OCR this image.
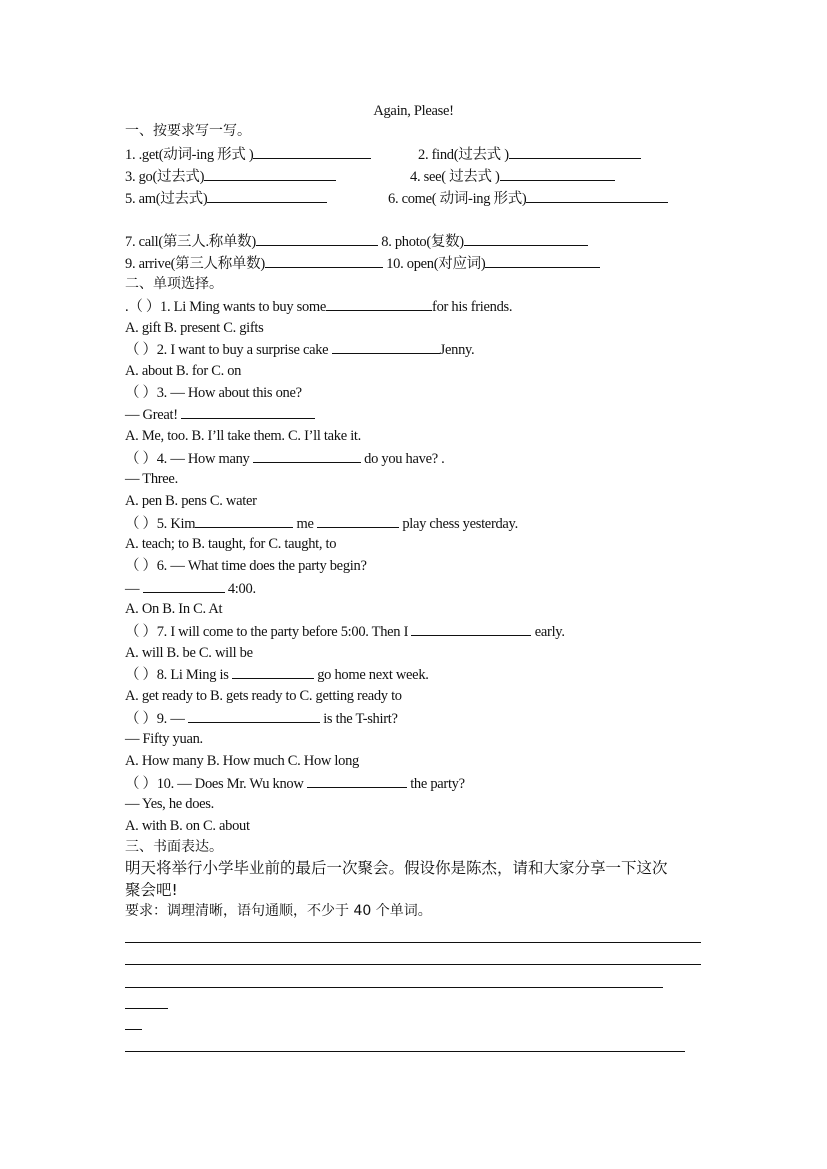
Again, Please!
一、按要求写一写。
1. .get(动词-ing 形式 )	2. find(过去式 )
3. go(过去式)	4. see( 过去式 )
5. am(过去式)	6. come( 动词-ing 形式)
7. call(第三人.称单数)	8. photo(复数)
9. arrive(第三人称单数)	10. open(对应词)
二、单项选择。
.（ ）1. Li Ming wants to buy some	for his friends.
A. gift B. present C. gifts
（ ）2. I want to buy a surprise cake	Jenny.
A. about B. for C. on
（ ）3. — How about this one?
— Great!
A. Me, too. B. I’ll take them. C. I’ll take it.
（ ）4. — How many	do you have? .
— Three.
A. pen B. pens C. water
（ ）5. Kim	me	play chess yesterday.
A. teach; to B. taught, for C. taught, to
（ ）6. — What time does the party begin?
—	4:00.
A. On B. In C. At
（ ）7. I will come to the party before 5:00. Then I	early.
A. will B. be C. will be
（ ）8. Li Ming is	go home next week.
A. get ready to B. gets ready to C. getting ready to
（ ）9. —	is the T-shirt?
— Fifty yuan.
A. How many B. How much C. How long
（ ）10. — Does Mr. Wu know	the party?
— Yes, he does.
A. with B. on C. about
三、书面表达。
明天将举行小学毕业前的最后一次聚会。假设你是陈杰，请和大家分享一下这次
聚会吧!
要求：调理清晰，语句通顺，不少于 40 个单词。
